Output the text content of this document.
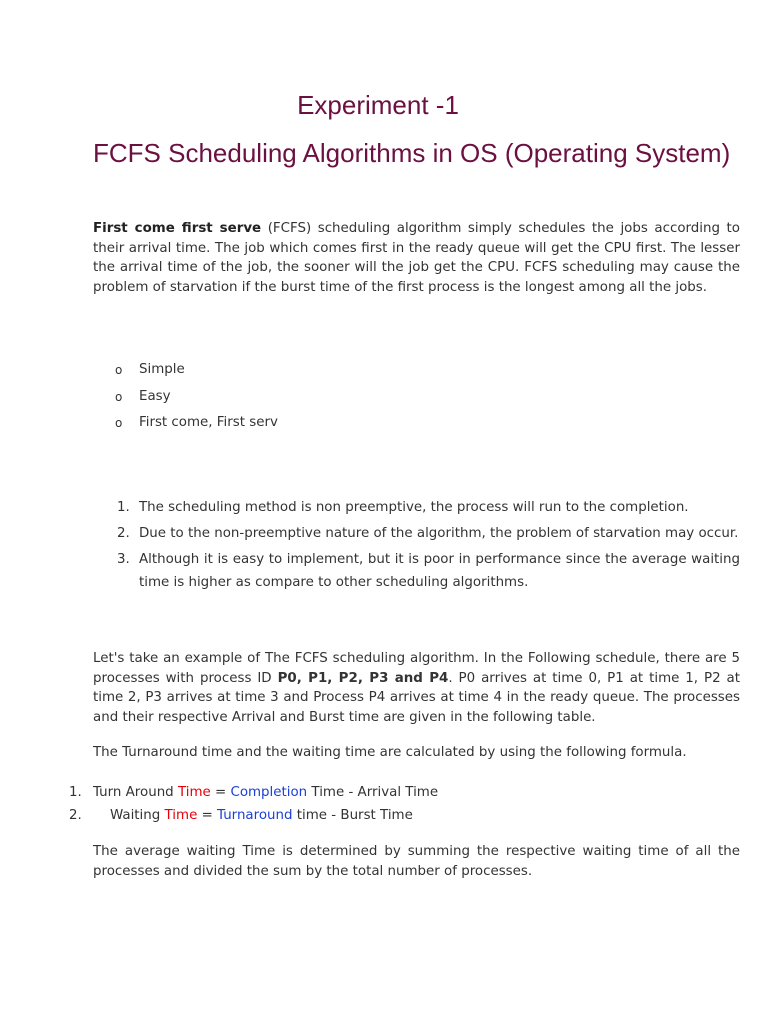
Experiment -1
FCFS Scheduling Algorithms in OS (Operating System)

First come first serve (FCFS) scheduling algorithm simply schedules the jobs according to their arrival time. The job which comes first in the ready queue will get the CPU first. The lesser the arrival time of the job, the sooner will the job get the CPU. FCFS scheduling may cause the problem of starvation if the burst time of the first process is the longest among all the jobs.

o Simple
o Easy
o First come, First serv
1. The scheduling method is non preemptive, the process will run to the completion.
2. Due to the non-preemptive nature of the algorithm, the problem of starvation may occur.
3. Although it is easy to implement, but it is poor in performance since the average waiting time is higher as compare to other scheduling algorithms.

Let's take an example of The FCFS scheduling algorithm. In the Following schedule, there are 5 processes with process ID P0, P1, P2, P3 and P4. P0 arrives at time 0, P1 at time 1, P2 at time 2, P3 arrives at time 3 and Process P4 arrives at time 4 in the ready queue. The processes and their respective Arrival and Burst time are given in the following table.

The Turnaround time and the waiting time are calculated by using the following formula.

1. Turn Around Time = Completion Time - Arrival Time
2. Waiting Time = Turnaround time - Burst Time

The average waiting Time is determined by summing the respective waiting time of all the processes and divided the sum by the total number of processes.
